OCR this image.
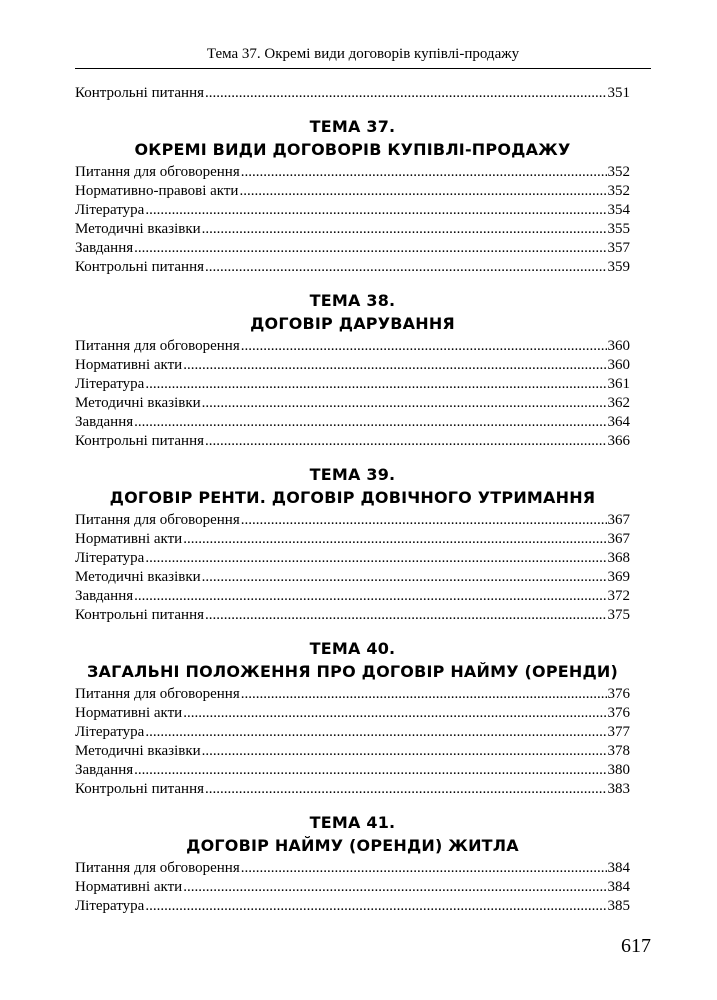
Тема 37. Окремі види договорів купівлі-продажу
Контрольні питання .....	351
ТЕМА 37.
ОКРЕМІ ВИДИ ДОГОВОРІВ КУПІВЛІ-ПРОДАЖУ
Питання для обговорення .....	352
Нормативно-правові акти .....	352
Література .....	354
Методичні вказівки .....	355
Завдання .....	357
Контрольні питання .....	359
ТЕМА 38.
ДОГОВІР ДАРУВАННЯ
Питання для обговорення .....	360
Нормативні акти .....	360
Література .....	361
Методичні вказівки .....	362
Завдання .....	364
Контрольні питання .....	366
ТЕМА 39.
ДОГОВІР РЕНТИ. ДОГОВІР ДОВІЧНОГО УТРИМАННЯ
Питання для обговорення .....	367
Нормативні акти .....	367
Література .....	368
Методичні вказівки .....	369
Завдання .....	372
Контрольні питання .....	375
ТЕМА 40.
ЗАГАЛЬНІ ПОЛОЖЕННЯ ПРО ДОГОВІР НАЙМУ (ОРЕНДИ)
Питання для обговорення .....	376
Нормативні акти .....	376
Література .....	377
Методичні вказівки .....	378
Завдання .....	380
Контрольні питання .....	383
ТЕМА 41.
ДОГОВІР НАЙМУ (ОРЕНДИ) ЖИТЛА
Питання для обговорення .....	384
Нормативні акти .....	384
Література .....	385
617
